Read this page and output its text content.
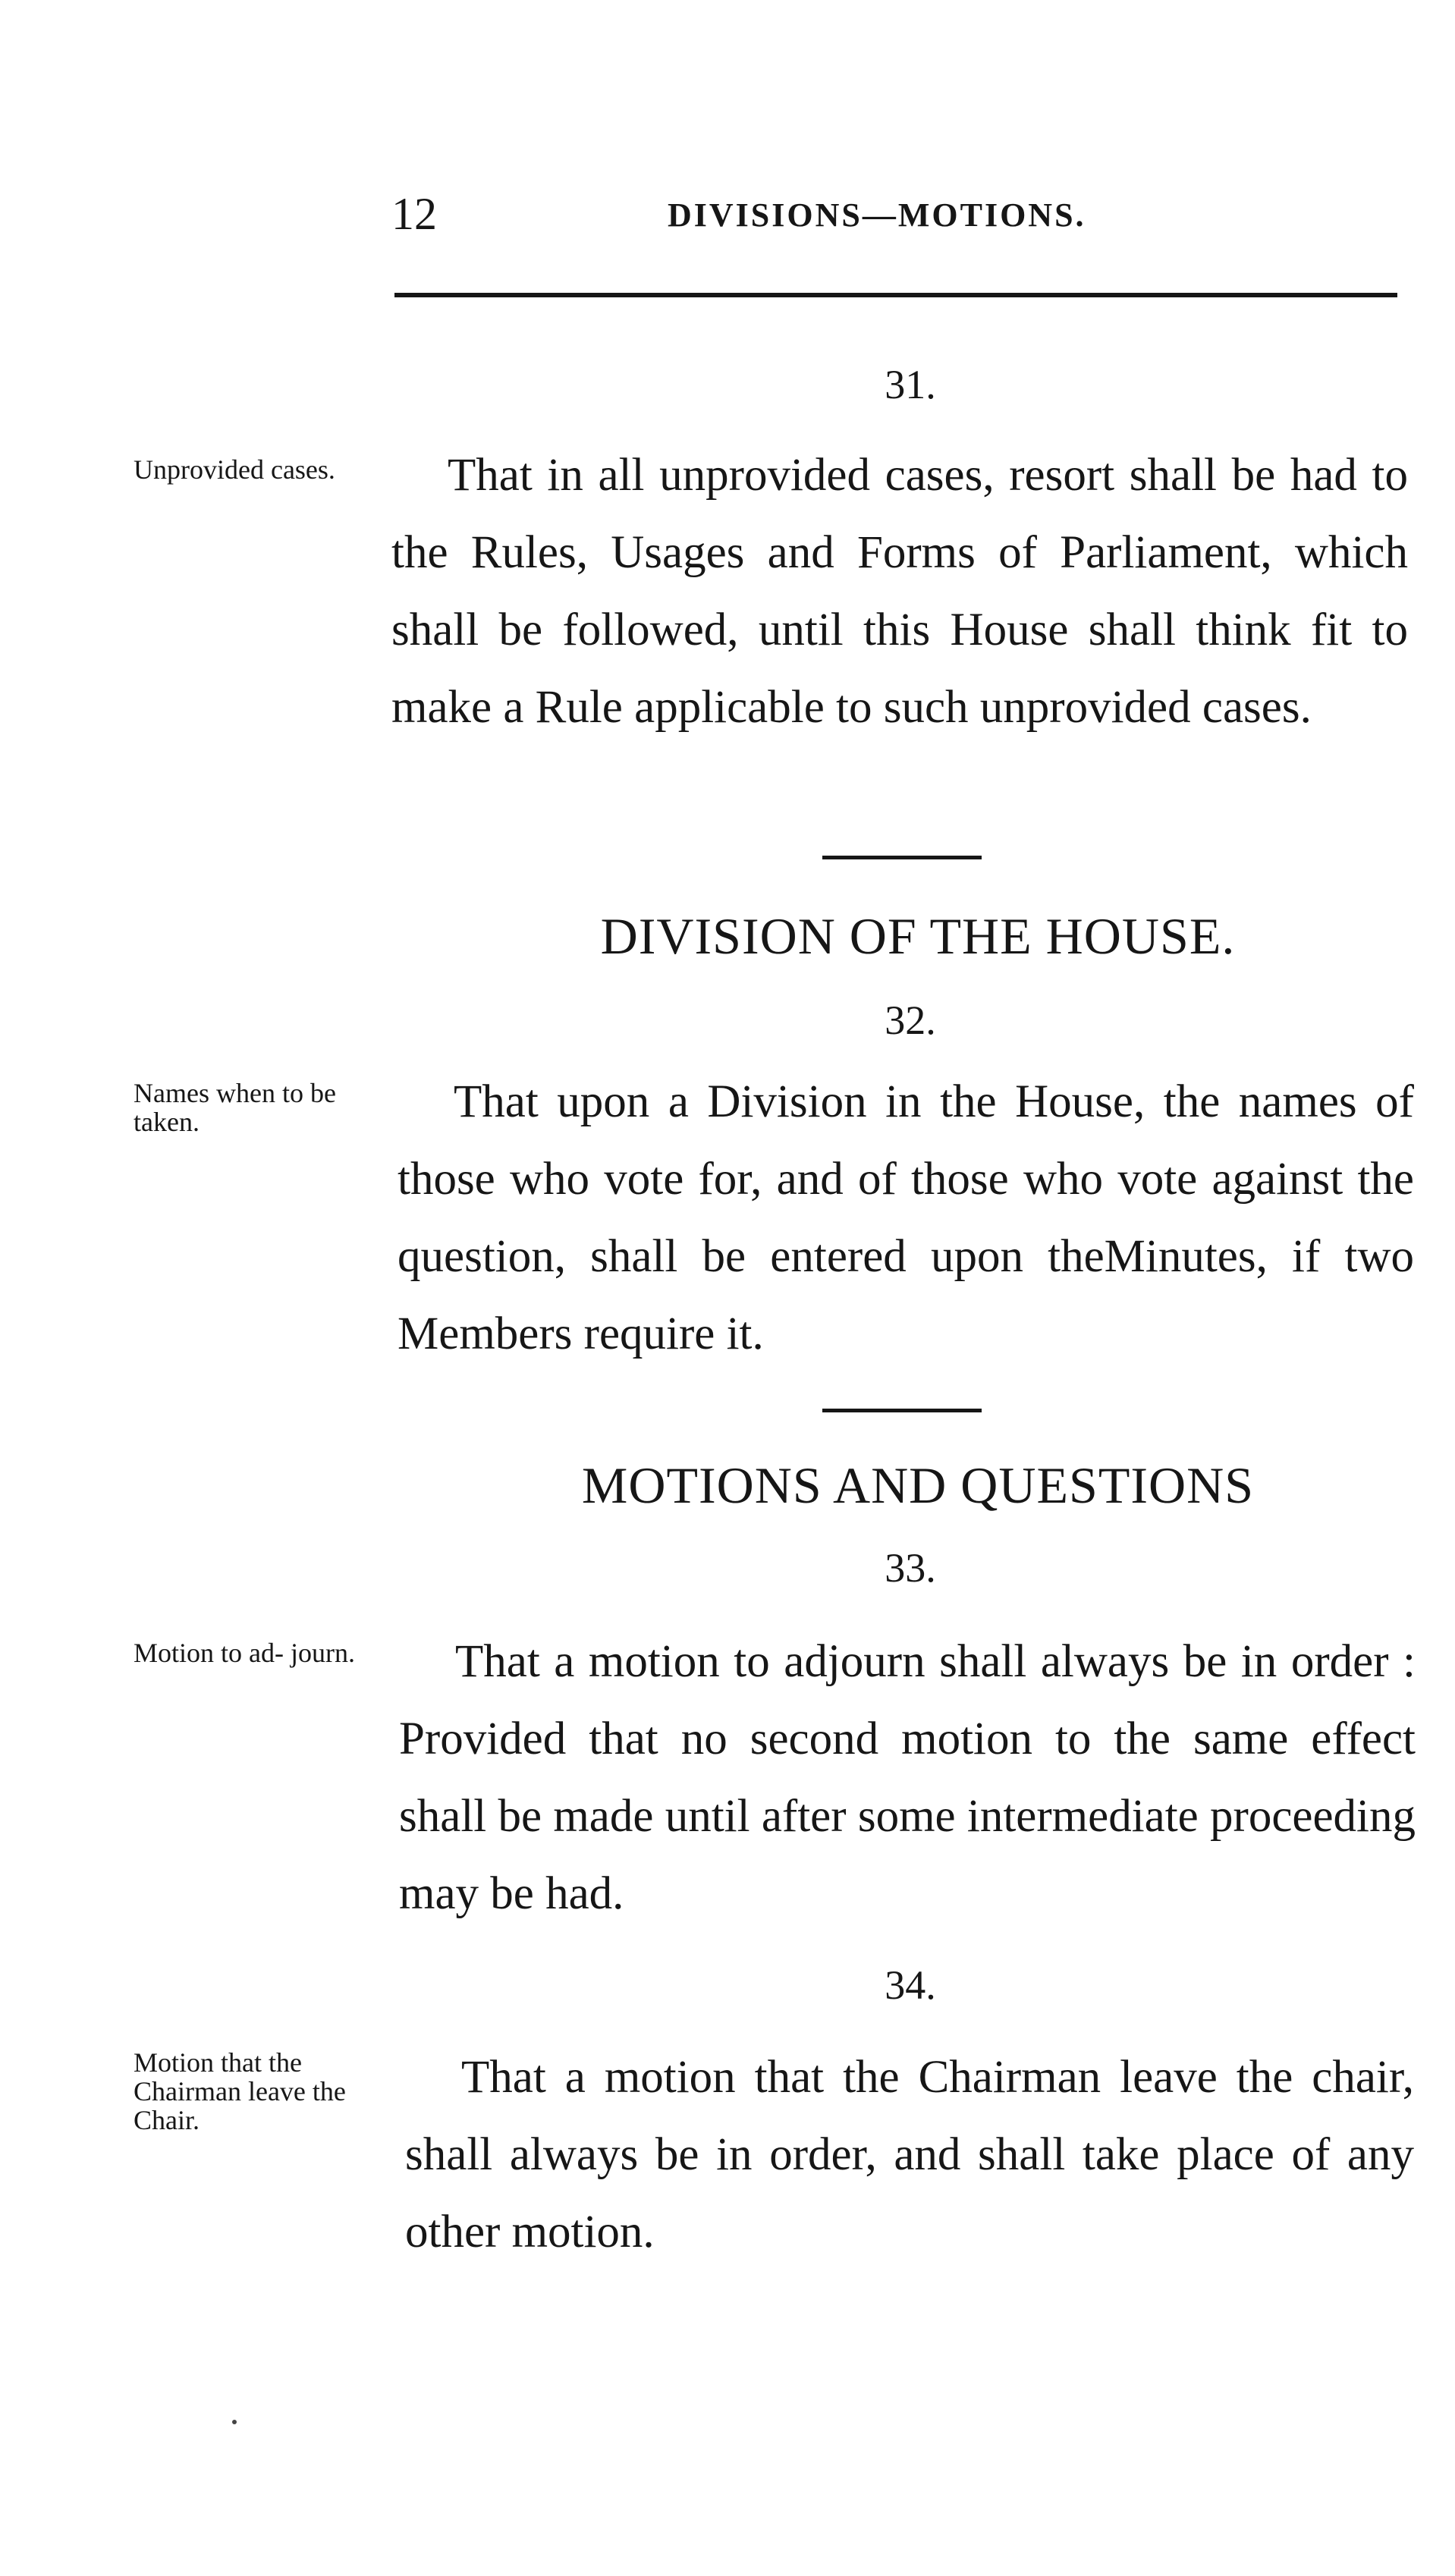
12	DIVISIONS—MOTIONS.
31.
Unprovided cases.	That in all unprovided cases, resort shall be had to the Rules, Usages and Forms of Parliament, which shall be followed, until this House shall think fit to make a Rule applicable to such unprovided cases.
DIVISION OF THE HOUSE.
32.
Names when to be taken.	That upon a Division in the House, the names of those who vote for, and of those who vote against the question, shall be entered upon theMinutes, if two Members require it.
MOTIONS AND QUESTIONS
33.
Motion to ad- journ.	That a motion to adjourn shall always be in order : Provided that no second motion to the same effect shall be made until after some intermediate proceeding may be had.
34.
Motion that the Chairman leave the Chair.
That a motion that the Chairman leave the chair, shall always be in order, and shall take place of any other motion.
